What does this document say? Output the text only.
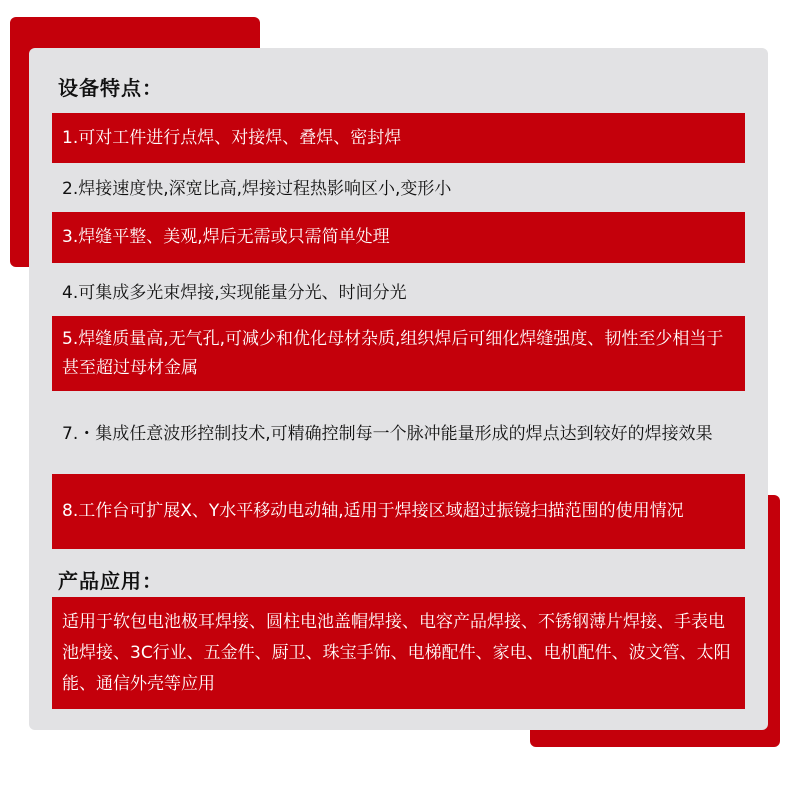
设备特点：
1.可对工件进行点焊、对接焊、叠焊、密封焊
2.焊接速度快,深宽比高,焊接过程热影响区小,变形小
3.焊缝平整、美观,焊后无需或只需简单处理
4.可集成多光束焊接,实现能量分光、时间分光
5.焊缝质量高,无气孔,可减少和优化母材杂质,组织焊后可细化焊缝强度、韧性至少相当于甚至超过母材金属
7.・集成任意波形控制技术,可精确控制每一个脉冲能量形成的焊点达到较好的焊接效果
8.工作台可扩展X、Y水平移动电动轴,适用于焊接区域超过振镜扫描范围的使用情况
产品应用：
适用于软包电池极耳焊接、圆柱电池盖帽焊接、电容产品焊接、不锈钢薄片焊接、手表电池焊接、3C行业、五金件、厨卫、珠宝手饰、电梯配件、家电、电机配件、波文管、太阳能、通信外壳等应用
